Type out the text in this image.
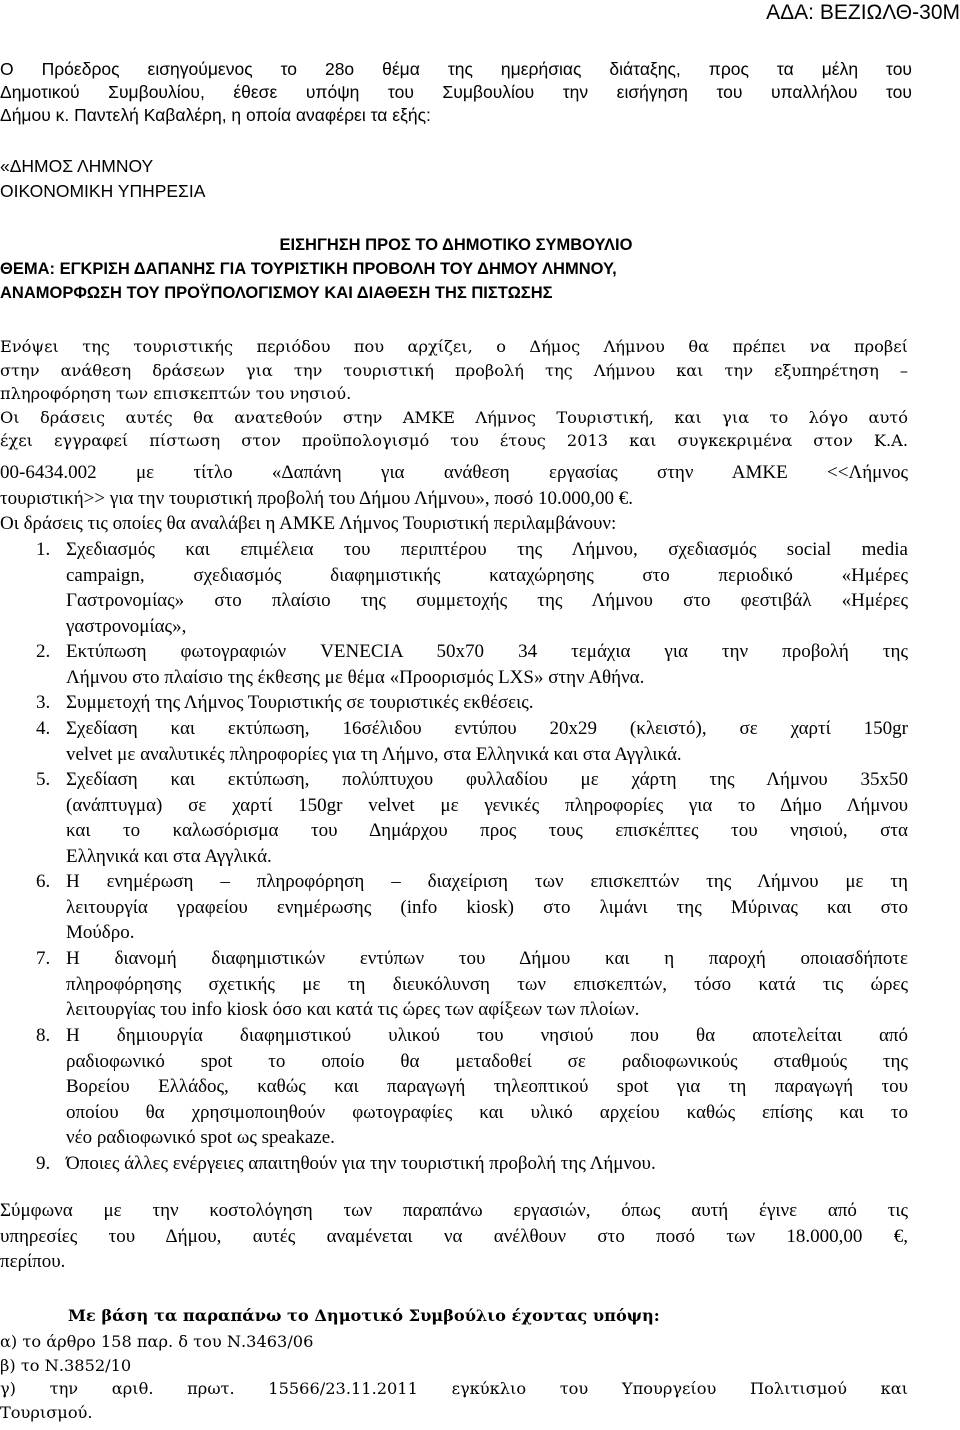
ΑΔΑ: ΒΕΖΙΩΛΘ-30Μ
Ο Πρόεδρος εισηγούμενος το 28ο θέμα της ημερήσιας διάταξης, προς τα μέλη του
Δημοτικού Συμβουλίου, έθεσε υπόψη του Συμβουλίου την εισήγηση του υπαλλήλου του
Δήμου κ. Παντελή Καβαλέρη, η οποία αναφέρει τα εξής:
«ΔΗΜΟΣ ΛΗΜΝΟΥ
ΟΙΚΟΝΟΜΙΚΗ ΥΠΗΡΕΣΙΑ
ΕΙΣΗΓΗΣΗ ΠΡΟΣ ΤΟ ΔΗΜΟΤΙΚΟ ΣΥΜΒΟΥΛΙΟ
ΘΕΜΑ: ΕΓΚΡΙΣΗ ΔΑΠΑΝΗΣ ΓΙΑ ΤΟΥΡΙΣΤΙΚΗ ΠΡΟΒΟΛΗ ΤΟΥ ΔΗΜΟΥ ΛΗΜΝΟΥ,
ΑΝΑΜΟΡΦΩΣΗ ΤΟΥ ΠΡΟΫΠΟΛΟΓΙΣΜΟΥ ΚΑΙ ΔΙΑΘΕΣΗ ΤΗΣ ΠΙΣΤΩΣΗΣ
Ενόψει της τουριστικής περιόδου που αρχίζει, ο Δήμος Λήμνου θα πρέπει να προβεί
στην ανάθεση δράσεων για την τουριστική προβολή της Λήμνου και την εξυπηρέτηση –
πληροφόρηση των επισκεπτών του νησιού.
Οι δράσεις αυτές θα ανατεθούν στην ΑΜΚΕ Λήμνος Τουριστική, και για το λόγο αυτό
έχει εγγραφεί πίστωση στον προϋπολογισμό του έτους 2013 και συγκεκριμένα στον Κ.Α.
00-6434.002 με τίτλο «Δαπάνη για ανάθεση εργασίας στην ΑΜΚΕ <<Λήμνος
τουριστική>> για την τουριστική προβολή του Δήμου Λήμνου», ποσό 10.000,00 €.
Οι δράσεις τις οποίες θα αναλάβει η ΑΜΚΕ Λήμνος Τουριστική περιλαμβάνουν:
1. Σχεδιασμός και επιμέλεια του περιπτέρου της Λήμνου, σχεδιασμός social media
campaign, σχεδιασμός διαφημιστικής καταχώρησης στο περιοδικό «Ημέρες
Γαστρονομίας» στο πλαίσιο της συμμετοχής της Λήμνου στο φεστιβάλ «Ημέρες
γαστρονομίας»,
2. Εκτύπωση φωτογραφιών VENECIA 50x70 34 τεμάχια για την προβολή της
Λήμνου στο πλαίσιο της έκθεσης με θέμα «Προορισμός LXS» στην Αθήνα.
3. Συμμετοχή της Λήμνος Τουριστικής σε τουριστικές εκθέσεις.
4. Σχεδίαση και εκτύπωση, 16σέλιδου εντύπου 20x29 (κλειστό), σε χαρτί 150gr
velvet με αναλυτικές πληροφορίες για τη Λήμνο, στα Ελληνικά και στα Αγγλικά.
5. Σχεδίαση και εκτύπωση, πολύπτυχου φυλλαδίου με χάρτη της Λήμνου 35x50
(ανάπτυγμα) σε χαρτί 150gr velvet με γενικές πληροφορίες για το Δήμο Λήμνου
και το καλωσόρισμα του Δημάρχου προς τους επισκέπτες του νησιού, στα
Ελληνικά και στα Αγγλικά.
6. Η ενημέρωση – πληροφόρηση – διαχείριση των επισκεπτών της Λήμνου με τη
λειτουργία γραφείου ενημέρωσης (info kiosk) στο λιμάνι της Μύρινας και στο
Μούδρο.
7. Η διανομή διαφημιστικών εντύπων του Δήμου και η παροχή οποιασδήποτε
πληροφόρησης σχετικής με τη διευκόλυνση των επισκεπτών, τόσο κατά τις ώρες
λειτουργίας του info kiosk όσο και κατά τις ώρες των αφίξεων των πλοίων.
8. Η δημιουργία διαφημιστικού υλικού του νησιού που θα αποτελείται από
ραδιοφωνικό spot το οποίο θα μεταδοθεί σε ραδιοφωνικούς σταθμούς της
Βορείου Ελλάδος, καθώς και παραγωγή τηλεοπτικού spot για τη παραγωγή του
οποίου θα χρησιμοποιηθούν φωτογραφίες και υλικό αρχείου καθώς επίσης και το
νέο ραδιοφωνικό spot ως speakaze.
9. Όποιες άλλες ενέργειες απαιτηθούν για την τουριστική προβολή της Λήμνου.
Σύμφωνα με την κοστολόγηση των παραπάνω εργασιών, όπως αυτή έγινε από τις
υπηρεσίες του Δήμου, αυτές αναμένεται να ανέλθουν στο ποσό των 18.000,00 €,
περίπου.
Με βάση τα παραπάνω το Δημοτικό Συμβούλιο έχοντας υπόψη:
α) το άρθρο 158 παρ. δ του Ν.3463/06
β) το Ν.3852/10
γ) την αριθ. πρωτ. 15566/23.11.2011 εγκύκλιο του Υπουργείου Πολιτισμού και
Τουρισμού.
